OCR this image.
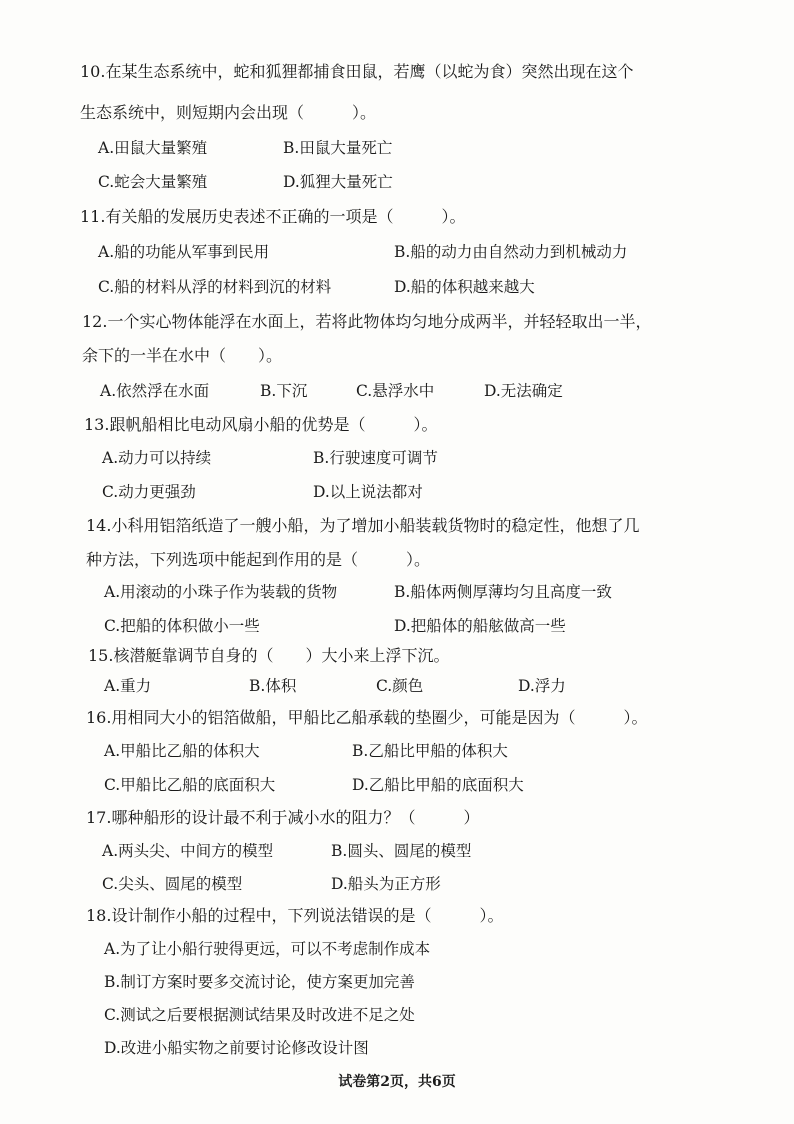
10.在某生态系统中，蛇和狐狸都捕食田鼠，若鹰（以蛇为食）突然出现在这个
生态系统中，则短期内会出现（　　　）。
A.田鼠大量繁殖	B.田鼠大量死亡
C.蛇会大量繁殖	D.狐狸大量死亡
11.有关船的发展历史表述不正确的一项是（　　　）。
A.船的功能从军事到民用	B.船的动力由自然动力到机械动力
C.船的材料从浮的材料到沉的材料	D.船的体积越来越大
12.一个实心物体能浮在水面上，若将此物体均匀地分成两半，并轻轻取出一半，
余下的一半在水中（　　）。
A.依然浮在水面	B.下沉	C.悬浮水中	D.无法确定
13.跟帆船相比电动风扇小船的优势是（　　　）。
A.动力可以持续	B.行驶速度可调节
C.动力更强劲	D.以上说法都对
14.小科用铝箔纸造了一艘小船，为了增加小船装载货物时的稳定性，他想了几
种方法，下列选项中能起到作用的是（　　　）。
A.用滚动的小珠子作为装载的货物	B.船体两侧厚薄均匀且高度一致
C.把船的体积做小一些	D.把船体的船舷做高一些
15.核潜艇靠调节自身的（　　）大小来上浮下沉。
A.重力	B.体积	C.颜色	D.浮力
16.用相同大小的铝箔做船，甲船比乙船承载的垫圈少，可能是因为（　　　）。
A.甲船比乙船的体积大	B.乙船比甲船的体积大
C.甲船比乙船的底面积大	D.乙船比甲船的底面积大
17.哪种船形的设计最不利于减小水的阻力？（　　　）
A.两头尖、中间方的模型	B.圆头、圆尾的模型
C.尖头、圆尾的模型	D.船头为正方形
18.设计制作小船的过程中，下列说法错误的是（　　　）。
A.为了让小船行驶得更远，可以不考虑制作成本
B.制订方案时要多交流讨论，使方案更加完善
C.测试之后要根据测试结果及时改进不足之处
D.改进小船实物之前要讨论修改设计图
试卷第2页，共6页
